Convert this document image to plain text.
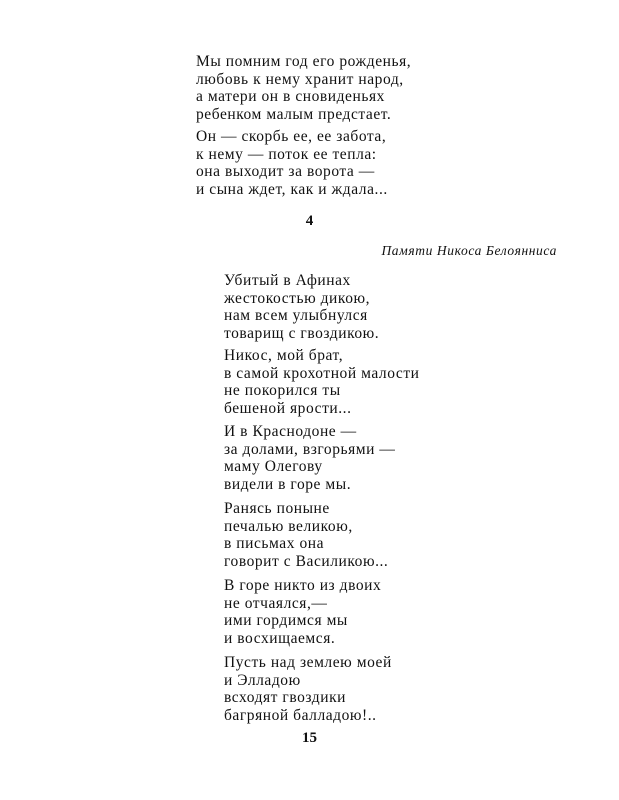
Мы помним год его рожденья,
любовь к нему хранит народ,
а матери он в сновиденьях
ребенком малым предстает.
Он — скорбь ее, ее забота,
к нему — поток ее тепла:
она выходит за ворота —
и сына ждет, как и ждала...
4
Памяти Никоса Белоянниса
Убитый в Афинах
жестокостью дикою,
нам всем улыбнулся
товарищ с гвоздикою.
Никос, мой брат,
в самой крохотной малости
не покорился ты
бешеной ярости...
И в Краснодоне —
за долами, взгорьями —
маму Олегову
видели в горе мы.
Ранясь поныне
печалью великою,
в письмах она
говорит с Василикою...
В горе никто из двоих
не отчаялся,—
ими гордимся мы
и восхищаемся.
Пусть над землею моей
и Элладою
всходят гвоздики
багряной балладою!..
15
